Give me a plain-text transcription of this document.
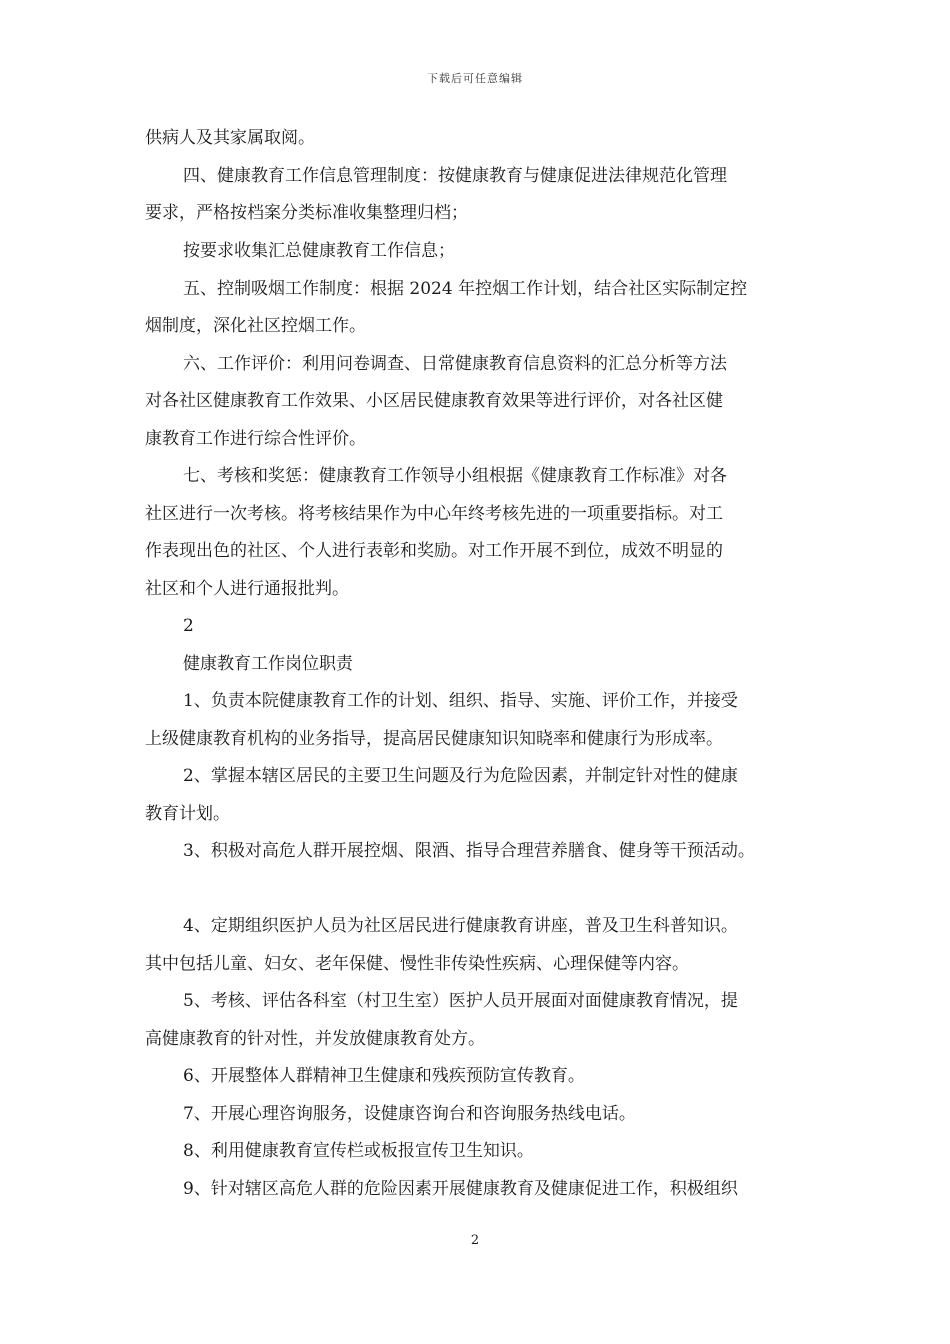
下载后可任意编辑
供病人及其家属取阅。
四、健康教育工作信息管理制度：按健康教育与健康促进法律规范化管理
要求，严格按档案分类标准收集整理归档；
按要求收集汇总健康教育工作信息；
五、控制吸烟工作制度：根据 2024 年控烟工作计划，结合社区实际制定控
烟制度，深化社区控烟工作。
六、工作评价：利用问卷调查、日常健康教育信息资料的汇总分析等方法
对各社区健康教育工作效果、小区居民健康教育效果等进行评价，对各社区健
康教育工作进行综合性评价。
七、考核和奖惩：健康教育工作领导小组根据《健康教育工作标准》对各
社区进行一次考核。将考核结果作为中心年终考核先进的一项重要指标。对工
作表现出色的社区、个人进行表彰和奖励。对工作开展不到位，成效不明显的
社区和个人进行通报批判。
2
健康教育工作岗位职责
1、负责本院健康教育工作的计划、组织、指导、实施、评价工作，并接受
上级健康教育机构的业务指导，提高居民健康知识知晓率和健康行为形成率。
2、掌握本辖区居民的主要卫生问题及行为危险因素，并制定针对性的健康
教育计划。
3、积极对高危人群开展控烟、限酒、指导合理营养膳食、健身等干预活动。
4、定期组织医护人员为社区居民进行健康教育讲座，普及卫生科普知识。
其中包括儿童、妇女、老年保健、慢性非传染性疾病、心理保健等内容。
5、考核、评估各科室（村卫生室）医护人员开展面对面健康教育情况，提
高健康教育的针对性，并发放健康教育处方。
6、开展整体人群精神卫生健康和残疾预防宣传教育。
7、开展心理咨询服务，设健康咨询台和咨询服务热线电话。
8、利用健康教育宣传栏或板报宣传卫生知识。
9、针对辖区高危人群的危险因素开展健康教育及健康促进工作，积极组织
2
